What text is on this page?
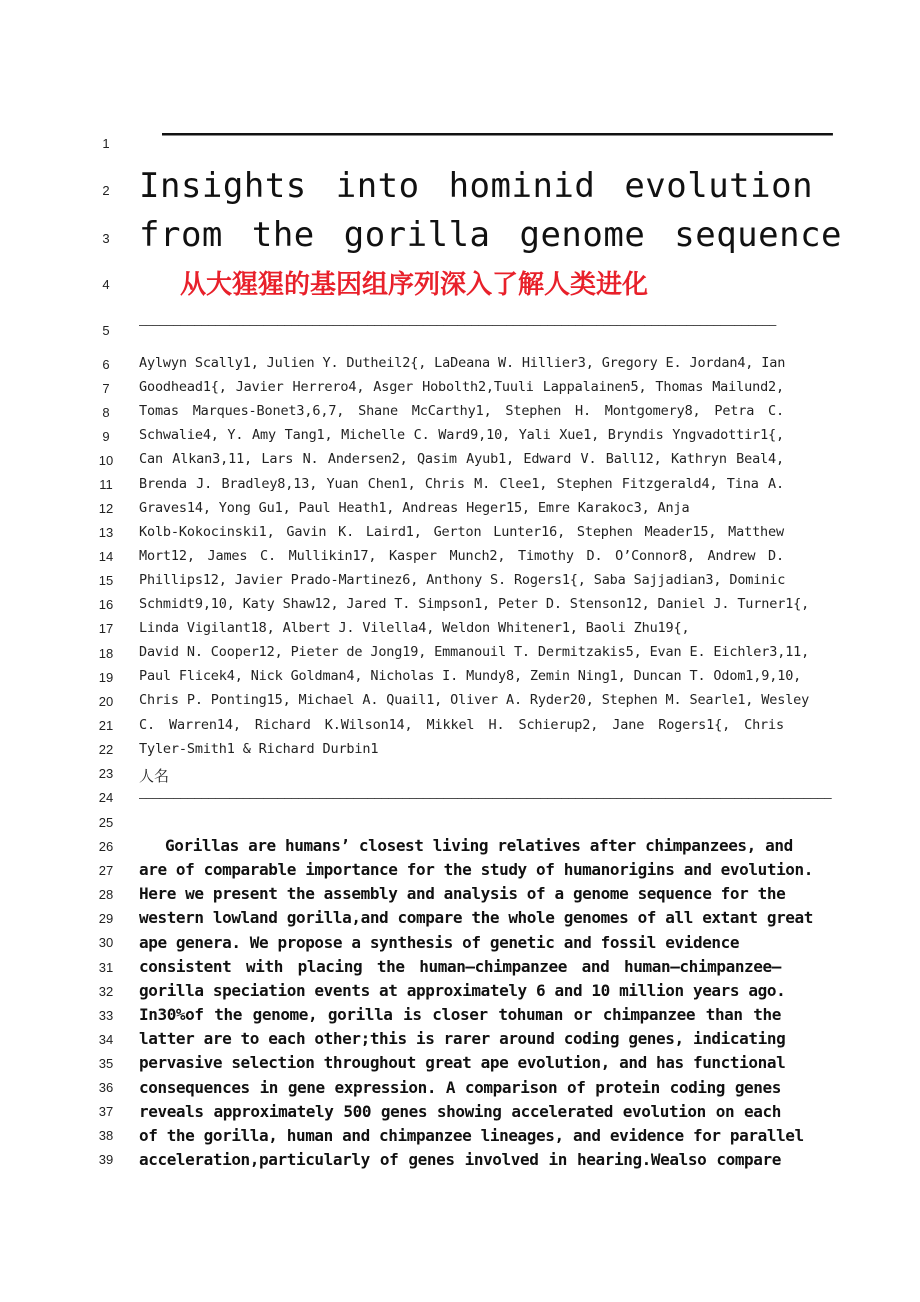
1
2
3
4
5
6
7
8
9
10
11
12
13
14
15
16
17
18
19
20
21
22
23
24
25
26
27
28
29
30
31
32
33
34
35
36
37
38
39
——————————————————————————————————
Insights into hominid evolution
from the gorilla genome sequence
从大猩猩的基因组序列深入了解人类进化
————————————————————————————————————————————————————————————————————————————————————————————
Aylwyn Scally1, Julien Y. Dutheil2{, LaDeana W. Hillier3, Gregory E. Jordan4, Ian
Goodhead1{, Javier Herrero4, Asger Hobolth2,Tuuli Lappalainen5, Thomas Mailund2,
Tomas Marques-Bonet3,6,7, Shane McCarthy1, Stephen H. Montgomery8, Petra C.
Schwalie4, Y. Amy Tang1, Michelle C. Ward9,10, Yali Xue1, Bryndis Yngvadottir1{,
Can Alkan3,11, Lars N. Andersen2, Qasim Ayub1, Edward V. Ball12, Kathryn Beal4,
Brenda J. Bradley8,13, Yuan Chen1, Chris M. Clee1, Stephen Fitzgerald4, Tina A.
Graves14, Yong Gu1, Paul Heath1, Andreas Heger15, Emre Karakoc3, Anja
Kolb-Kokocinski1, Gavin K. Laird1, Gerton Lunter16, Stephen Meader15, Matthew
Mort12, James C. Mullikin17, Kasper Munch2, Timothy D. O’Connor8, Andrew D.
Phillips12, Javier Prado-Martinez6, Anthony S. Rogers1{, Saba Sajjadian3, Dominic
Schmidt9,10, Katy Shaw12, Jared T. Simpson1, Peter D. Stenson12, Daniel J. Turner1{,
Linda Vigilant18, Albert J. Vilella4, Weldon Whitener1, Baoli Zhu19{,
David N. Cooper12, Pieter de Jong19, Emmanouil T. Dermitzakis5, Evan E. Eichler3,11,
Paul Flicek4, Nick Goldman4, Nicholas I. Mundy8, Zemin Ning1, Duncan T. Odom1,9,10,
Chris P. Ponting15, Michael A. Quail1, Oliver A. Ryder20, Stephen M. Searle1, Wesley
C. Warren14, Richard K.Wilson14, Mikkel H. Schierup2, Jane Rogers1{, Chris
Tyler-Smith1 & Richard Durbin1
人名
————————————————————————————————————————————————————————————————————————————————————————————————————
Gorillas are humans’ closest living relatives after chimpanzees, and
are of comparable importance for the study of humanorigins and evolution.
Here we present the assembly and analysis of a genome sequence for the
western lowland gorilla,and compare the whole genomes of all extant great
ape genera. We propose a synthesis of genetic and fossil evidence
consistent with placing the human–chimpanzee and human–chimpanzee–
gorilla speciation events at approximately 6 and 10 million years ago.
In30%of the genome, gorilla is closer tohuman or chimpanzee than the
latter are to each other;this is rarer around coding genes, indicating
pervasive selection throughout great ape evolution, and has functional
consequences in gene expression. A comparison of protein coding genes
reveals approximately 500 genes showing accelerated evolution on each
of the gorilla, human and chimpanzee lineages, and evidence for parallel
acceleration,particularly of genes involved in hearing.Wealso compare
